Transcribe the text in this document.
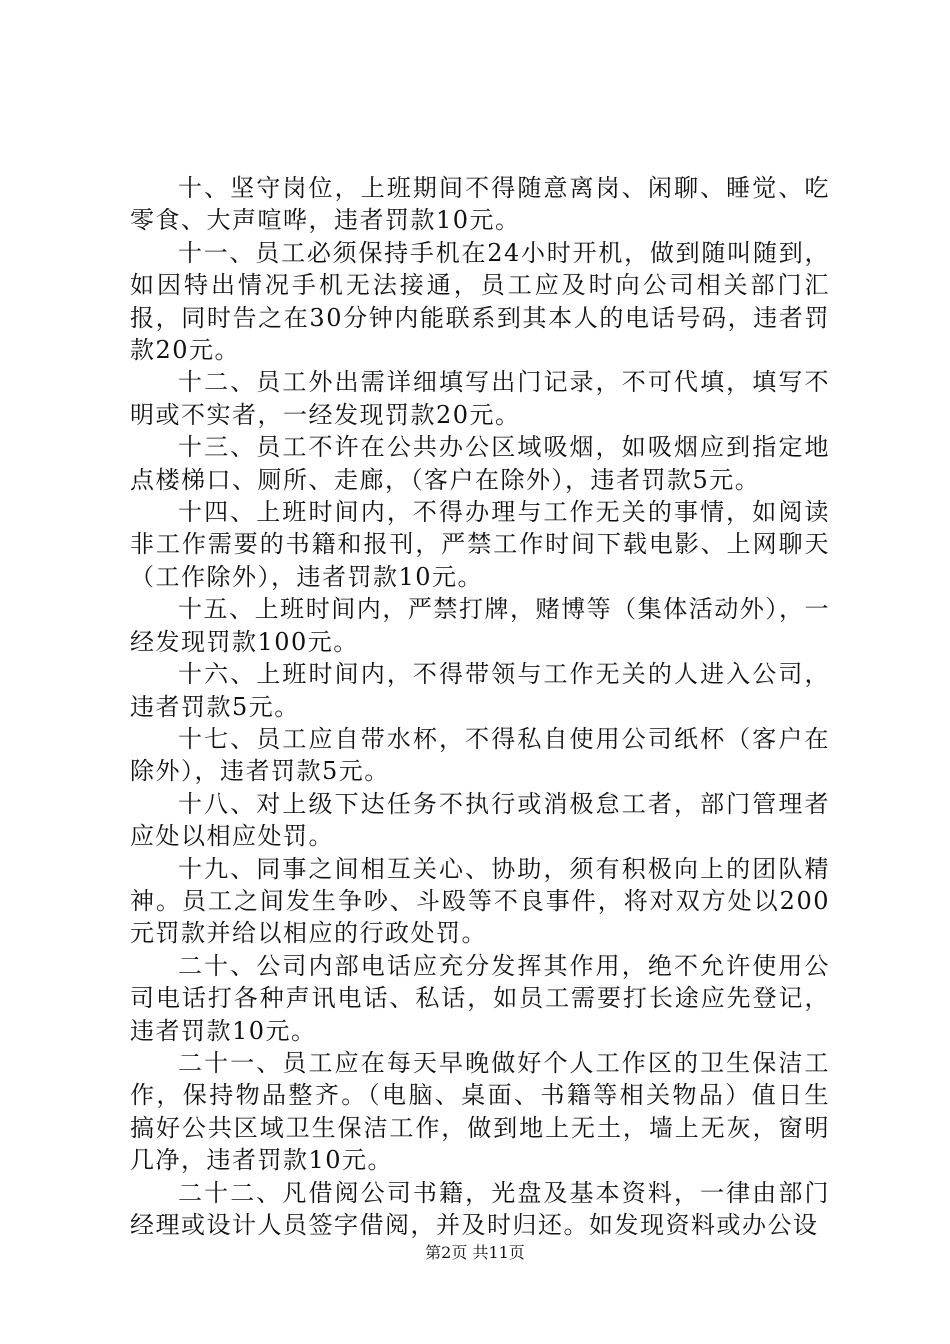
十、坚守岗位，上班期间不得随意离岗、闲聊、睡觉、吃零食、大声喧哗，违者罚款10元。

十一、员工必须保持手机在24小时开机，做到随叫随到，如因特出情况手机无法接通，员工应及时向公司相关部门汇报，同时告之在30分钟内能联系到其本人的电话号码，违者罚款20元。

十二、员工外出需详细填写出门记录，不可代填，填写不明或不实者，一经发现罚款20元。

十三、员工不许在公共办公区域吸烟，如吸烟应到指定地点楼梯口、厕所、走廊，（客户在除外），违者罚款5元。

十四、上班时间内，不得办理与工作无关的事情，如阅读非工作需要的书籍和报刊，严禁工作时间下载电影、上网聊天（工作除外），违者罚款10元。

十五、上班时间内，严禁打牌，赌博等（集体活动外），一经发现罚款100元。

十六、上班时间内，不得带领与工作无关的人进入公司，违者罚款5元。

十七、员工应自带水杯，不得私自使用公司纸杯（客户在除外），违者罚款5元。

十八、对上级下达任务不执行或消极怠工者，部门管理者应处以相应处罚。

十九、同事之间相互关心、协助，须有积极向上的团队精神。员工之间发生争吵、斗殴等不良事件，将对双方处以200元罚款并给以相应的行政处罚。

二十、公司内部电话应充分发挥其作用，绝不允许使用公司电话打各种声讯电话、私话，如员工需要打长途应先登记，违者罚款10元。

二十一、员工应在每天早晚做好个人工作区的卫生保洁工作，保持物品整齐。（电脑、桌面、书籍等相关物品）值日生搞好公共区域卫生保洁工作，做到地上无土，墙上无灰，窗明几净，违者罚款10元。

二十二、凡借阅公司书籍，光盘及基本资料，一律由部门经理或设计人员签字借阅，并及时归还。如发现资料或办公设

第2页 共11页
